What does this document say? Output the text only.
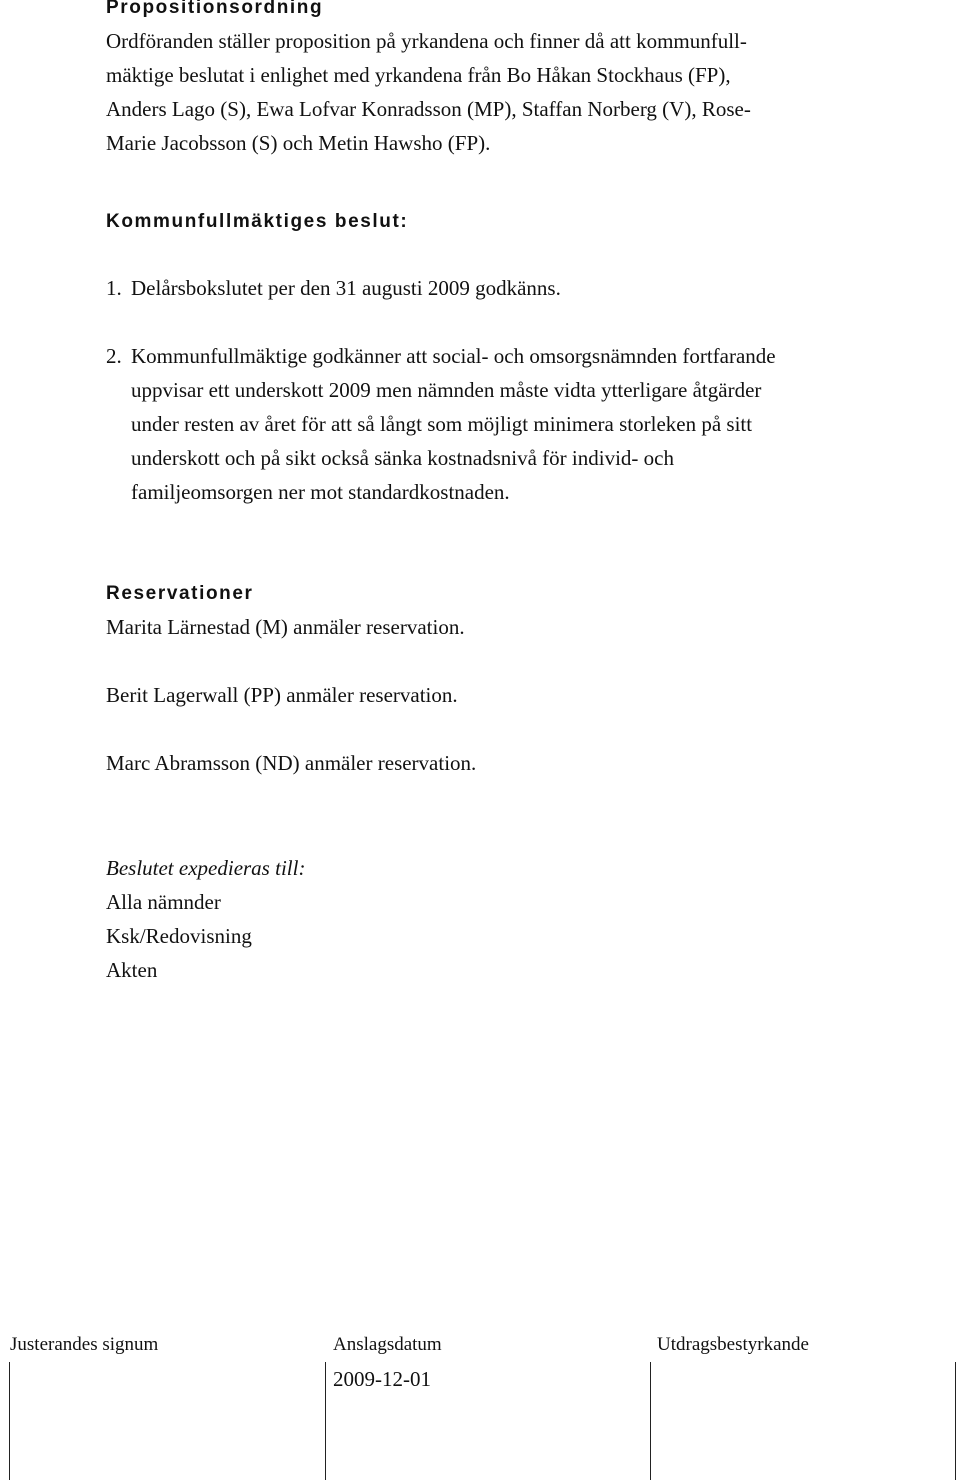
Propositionsordning
Ordföranden ställer proposition på yrkandena och finner då att kommunfull-
mäktige beslutat i enlighet med yrkandena från Bo Håkan Stockhaus (FP),
Anders Lago (S), Ewa Lofvar Konradsson (MP), Staffan Norberg (V), Rose-
Marie Jacobsson (S) och Metin Hawsho (FP).
Kommunfullmäktiges beslut:
1. Delårsbokslutet per den 31 augusti 2009 godkänns.
2. Kommunfullmäktige godkänner att social- och omsorgsnämnden fortfarande
uppvisar ett underskott 2009 men nämnden måste vidta ytterligare åtgärder
under resten av året för att så långt som möjligt minimera storleken på sitt
underskott och på sikt också sänka kostnadsnivå för individ- och
familjeomsorgen ner mot standardkostnaden.
Reservationer
Marita Lärnestad (M) anmäler reservation.
Berit Lagerwall (PP) anmäler reservation.
Marc Abramsson (ND) anmäler reservation.
Beslutet expedieras till:
Alla nämnder
Ksk/Redovisning
Akten
Justerandes signum	Anslagsdatum	Utdragsbestyrkande
2009-12-01
